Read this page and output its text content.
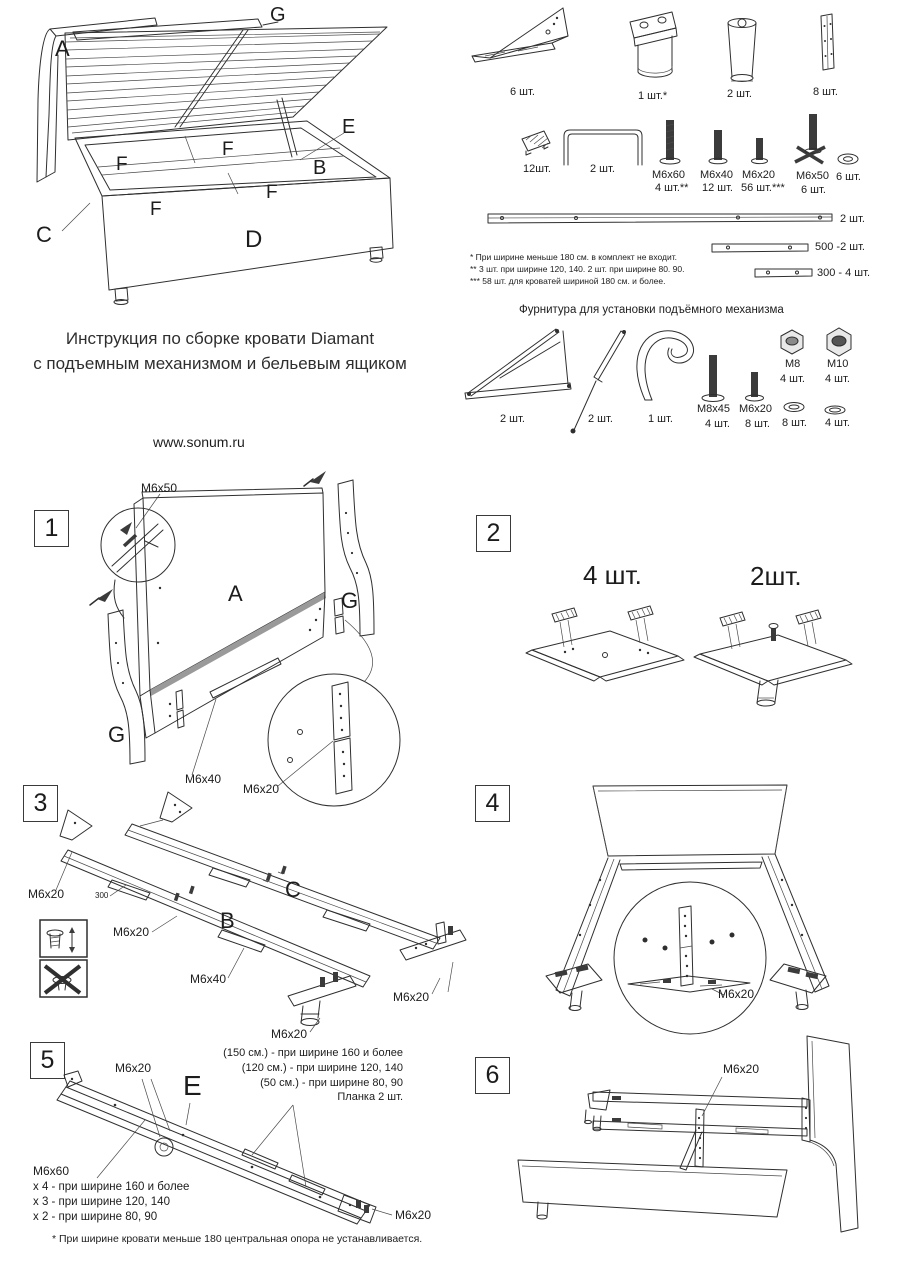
A
G
E
F
F
F
F
B
C	D
Инструкция по сборке кровати Diamant
с подъемным механизмом и бельевым ящиком
www.sonum.ru
6 шт.	1 шт.*	2 шт.	8 шт.
12шт.	2 шт.	M6x60
4 шт.**
M6x40
12 шт.
M6x20
56 шт.***
M6x50
6 шт.
6 шт.
2 шт.
500 -2 шт.
300 - 4 шт.
* При ширине меньше 180 см. в комплект не входит.
** 3 шт. при ширине 120, 140. 2 шт. при ширине 80. 90.
*** 58 шт. для кроватей шириной 180 см. и более.
Фурнитура для установки подъёмного механизма
2 шт.	2 шт.	1 шт.
M8x45
4 шт.
M6x20
8 шт.
M8
4 шт.
M10
4 шт.
8 шт. 4 шт.
1
M6x50
A	G
G
M6x40
M6x20
2
4 шт.	2шт.
3
M6x20	300
M6x20	B
C
M6x40
M6x20
M6x20
4
M6x20
5	M6x20
E
(150 см.) - при ширине 160 и более
(120 см.) - при ширине 120, 140
(50 см.) - при ширине 80, 90
Планка 2 шт.
M6x60
x 4 - при ширине 160 и более
x 3 - при ширине 120, 140
x 2 - при ширине 80, 90	M6x20
* При ширине кровати меньше 180 центральная опора не устанавливается.
6	M6x20
